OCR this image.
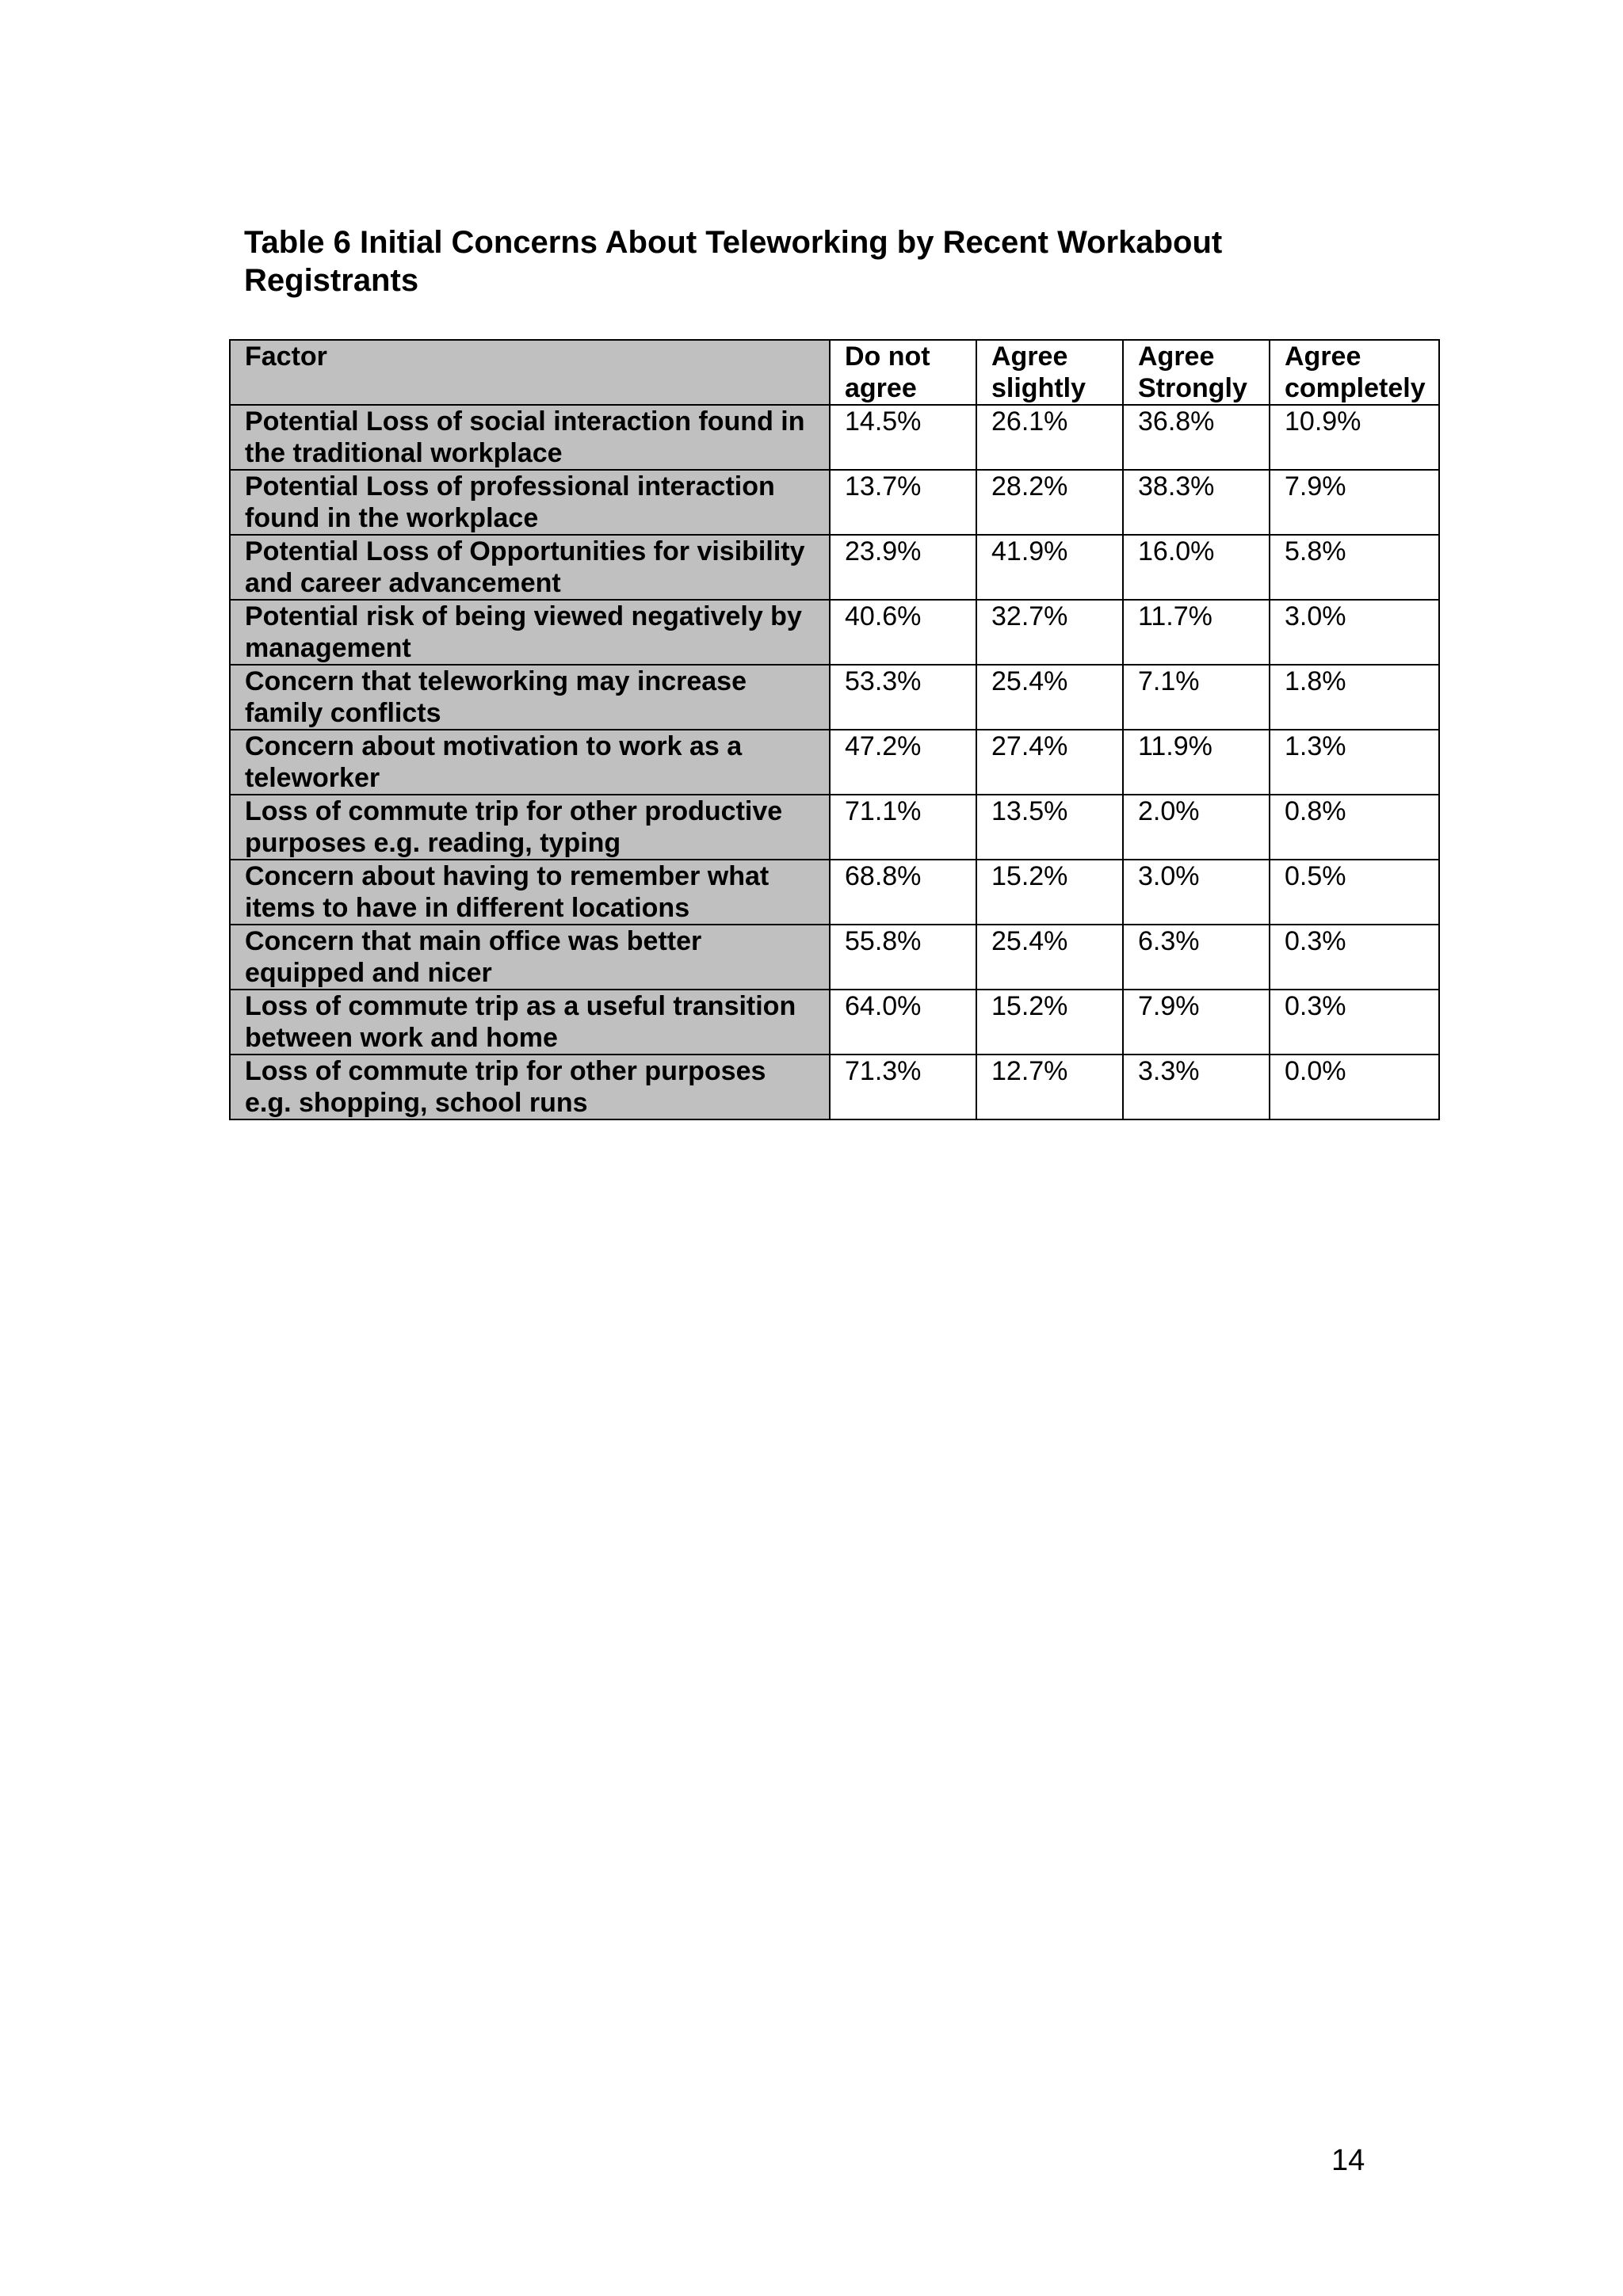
Table 6 Initial Concerns About Teleworking by Recent Workabout Registrants
Factor	Do not agree	Agree slightly	Agree Strongly	Agree completely
Potential Loss of social interaction found in the traditional workplace	14.5%	26.1%	36.8%	10.9%
Potential Loss of professional interaction found in the workplace	13.7%	28.2%	38.3%	7.9%
Potential Loss of Opportunities for visibility and career advancement	23.9%	41.9%	16.0%	5.8%
Potential risk of being viewed negatively by management	40.6%	32.7%	11.7%	3.0%
Concern that teleworking may increase family conflicts	53.3%	25.4%	7.1%	1.8%
Concern about motivation to work as a teleworker	47.2%	27.4%	11.9%	1.3%
Loss of commute trip for other productive purposes e.g. reading, typing	71.1%	13.5%	2.0%	0.8%
Concern about having to remember what items to have in different locations	68.8%	15.2%	3.0%	0.5%
Concern that main office was better equipped and nicer	55.8%	25.4%	6.3%	0.3%
Loss of commute trip as a useful transition between work and home	64.0%	15.2%	7.9%	0.3%
Loss of commute trip for other purposes e.g. shopping, school runs	71.3%	12.7%	3.3%	0.0%
14
